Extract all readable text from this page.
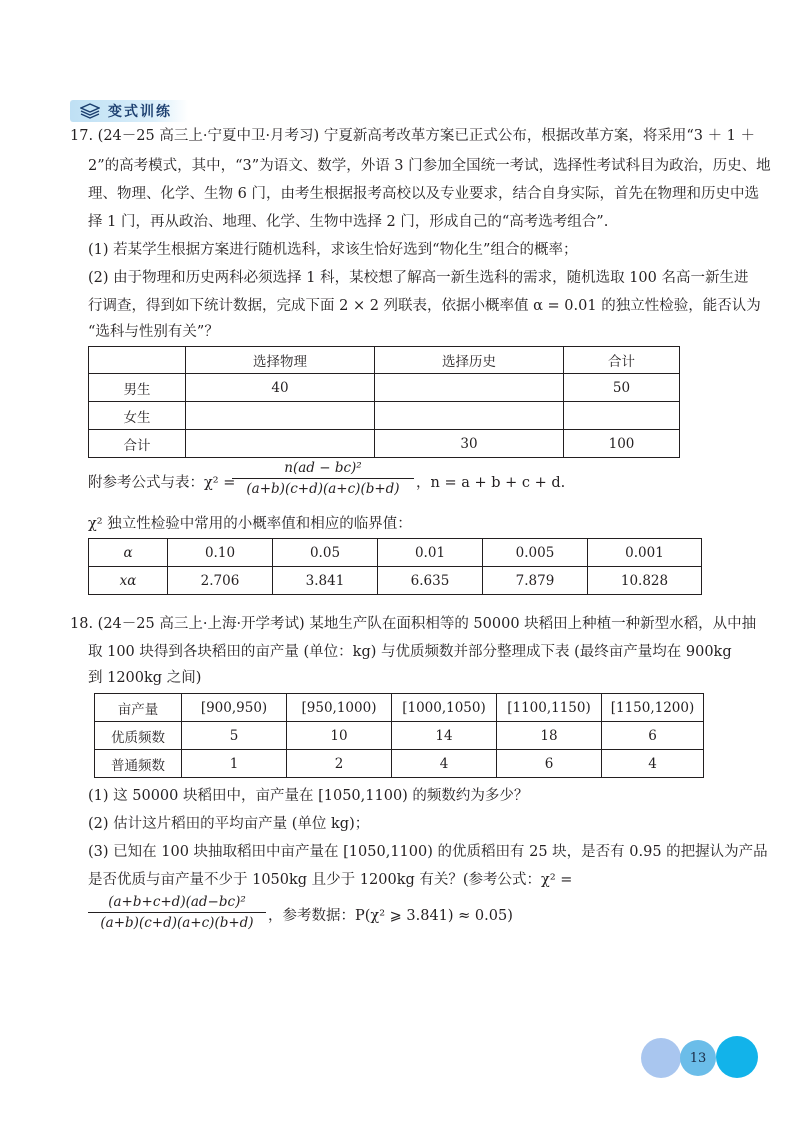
变式训练
17. (24－25 高三上·宁夏中卫·月考习) 宁夏新高考改革方案已正式公布，根据改革方案，将采用“3 ＋ 1 ＋
2”的高考模式，其中，“3”为语文、数学，外语 3 门参加全国统一考试，选择性考试科目为政治，历史、地
理、物理、化学、生物 6 门，由考生根据报考高校以及专业要求，结合自身实际，首先在物理和历史中选
择 1 门，再从政治、地理、化学、生物中选择 2 门，形成自己的“高考选考组合”.
(1) 若某学生根据方案进行随机选科，求该生恰好选到“物化生”组合的概率；
(2) 由于物理和历史两科必须选择 1 科，某校想了解高一新生选科的需求，随机选取 100 名高一新生进
行调查，得到如下统计数据，完成下面 2 × 2 列联表，依据小概率值 α = 0.01 的独立性检验，能否认为
“选科与性别有关”？
	选择物理	选择历史	合计
男生	40		50
女生			
合计		30	100
附参考公式与表：χ² =
$\frac{\text{n(ad − bc)²}}{(a+b)(c+d)(a+c)(b+d)}$ ，n = a + b + c + d.
χ² 独立性检验中常用的小概率值和相应的临界值：
α	0.10	0.05	0.01	0.005	0.001
xα	2.706	3.841	6.635	7.879	10.828
18. (24－25 高三上·上海·开学考试) 某地生产队在面积相等的 50000 块稻田上种植一种新型水稻，从中抽
取 100 块得到各块稻田的亩产量 (单位：kg) 与优质频数并部分整理成下表 (最终亩产量均在 900kg
到 1200kg 之间)
亩产量	[900,950)	[950,1000)	[1000,1050)	[1100,1150)	[1150,1200)
优质频数	5	10	14	18	6
普通频数	1	2	4	6	4
(1) 这 50000 块稻田中，亩产量在 [1050,1100) 的频数约为多少？
(2) 估计这片稻田的平均亩产量 (单位 kg)；
(3) 已知在 100 块抽取稻田中亩产量在 [1050,1100) 的优质稻田有 25 块，是否有 0.95 的把握认为产品
是否优质与亩产量不少于 1050kg 且少于 1200kg 有关？(参考公式：χ² =
$\frac{\text{(a+b+c+d)(ad−bc)²}}{(a+b)(c+d)(a+c)(b+d)}$ ，参考数据：P(χ² ⩾ 3.841) ≈ 0.05)
13
